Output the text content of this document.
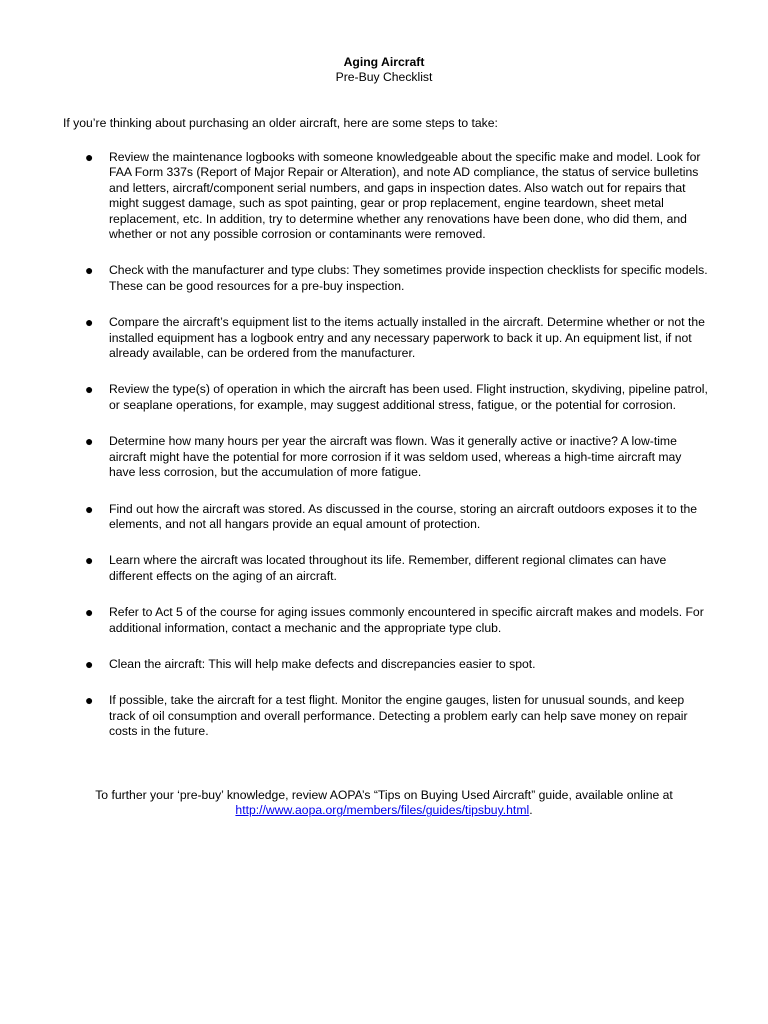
Aging Aircraft
Pre-Buy Checklist
If you’re thinking about purchasing an older aircraft, here are some steps to take:
● Review the maintenance logbooks with someone knowledgeable about the specific make and model. Look for FAA Form 337s (Report of Major Repair or Alteration), and note AD compliance, the status of service bulletins and letters, aircraft/component serial numbers, and gaps in inspection dates. Also watch out for repairs that might suggest damage, such as spot painting, gear or prop replacement, engine teardown, sheet metal replacement, etc. In addition, try to determine whether any renovations have been done, who did them, and whether or not any possible corrosion or contaminants were removed.
● Check with the manufacturer and type clubs: They sometimes provide inspection checklists for specific models. These can be good resources for a pre-buy inspection.
● Compare the aircraft’s equipment list to the items actually installed in the aircraft. Determine whether or not the installed equipment has a logbook entry and any necessary paperwork to back it up. An equipment list, if not already available, can be ordered from the manufacturer.
● Review the type(s) of operation in which the aircraft has been used. Flight instruction, skydiving, pipeline patrol, or seaplane operations, for example, may suggest additional stress, fatigue, or the potential for corrosion.
● Determine how many hours per year the aircraft was flown. Was it generally active or inactive? A low-time aircraft might have the potential for more corrosion if it was seldom used, whereas a high-time aircraft may have less corrosion, but the accumulation of more fatigue.
● Find out how the aircraft was stored. As discussed in the course, storing an aircraft outdoors exposes it to the elements, and not all hangars provide an equal amount of protection.
● Learn where the aircraft was located throughout its life. Remember, different regional climates can have different effects on the aging of an aircraft.
● Refer to Act 5 of the course for aging issues commonly encountered in specific aircraft makes and models. For additional information, contact a mechanic and the appropriate type club.
● Clean the aircraft: This will help make defects and discrepancies easier to spot.
● If possible, take the aircraft for a test flight. Monitor the engine gauges, listen for unusual sounds, and keep track of oil consumption and overall performance. Detecting a problem early can help save money on repair costs in the future.
To further your ‘pre-buy’ knowledge, review AOPA’s “Tips on Buying Used Aircraft” guide, available online at
http://www.aopa.org/members/files/guides/tipsbuy.html.
